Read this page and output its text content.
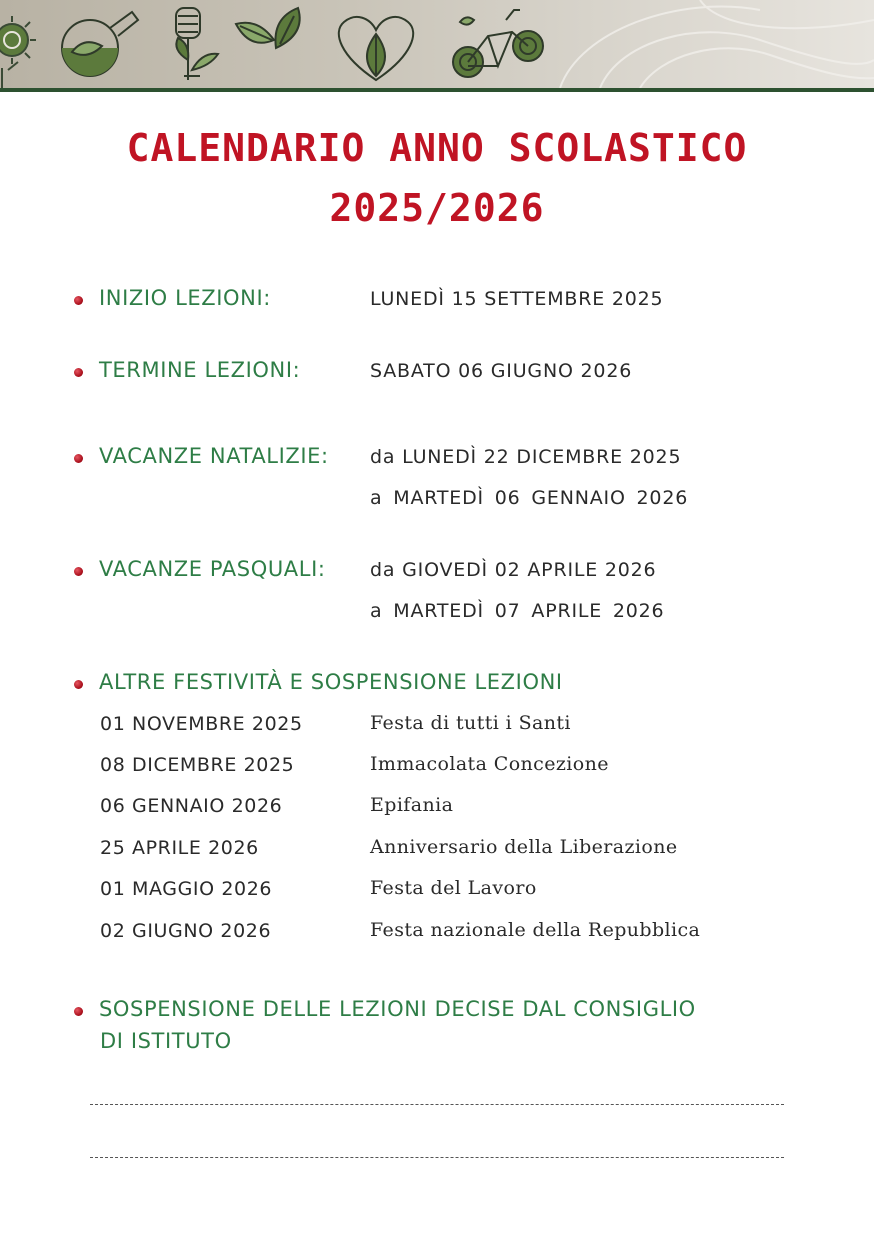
CALENDARIO ANNO SCOLASTICO
2025/2026
INIZIO LEZIONI:	LUNEDÌ 15 SETTEMBRE 2025
TERMINE LEZIONI:	SABATO 06 GIUGNO 2026
VACANZE NATALIZIE: da LUNEDÌ 22 DICEMBRE 2025
a MARTEDÌ 06 GENNAIO 2026
VACANZE PASQUALI: da GIOVEDÌ 02 APRILE 2026
a MARTEDÌ 07 APRILE 2026
ALTRE FESTIVITÀ E SOSPENSIONE LEZIONI
01 NOVEMBRE 2025	Festa di tutti i Santi
08 DICEMBRE 2025	Immacolata Concezione
06 GENNAIO 2026	Epifania
25 APRILE 2026	Anniversario della Liberazione
01 MAGGIO 2026	Festa del Lavoro
02 GIUGNO 2026	Festa nazionale della Repubblica
SOSPENSIONE DELLE LEZIONI DECISE DAL CONSIGLIO
DI ISTITUTO
